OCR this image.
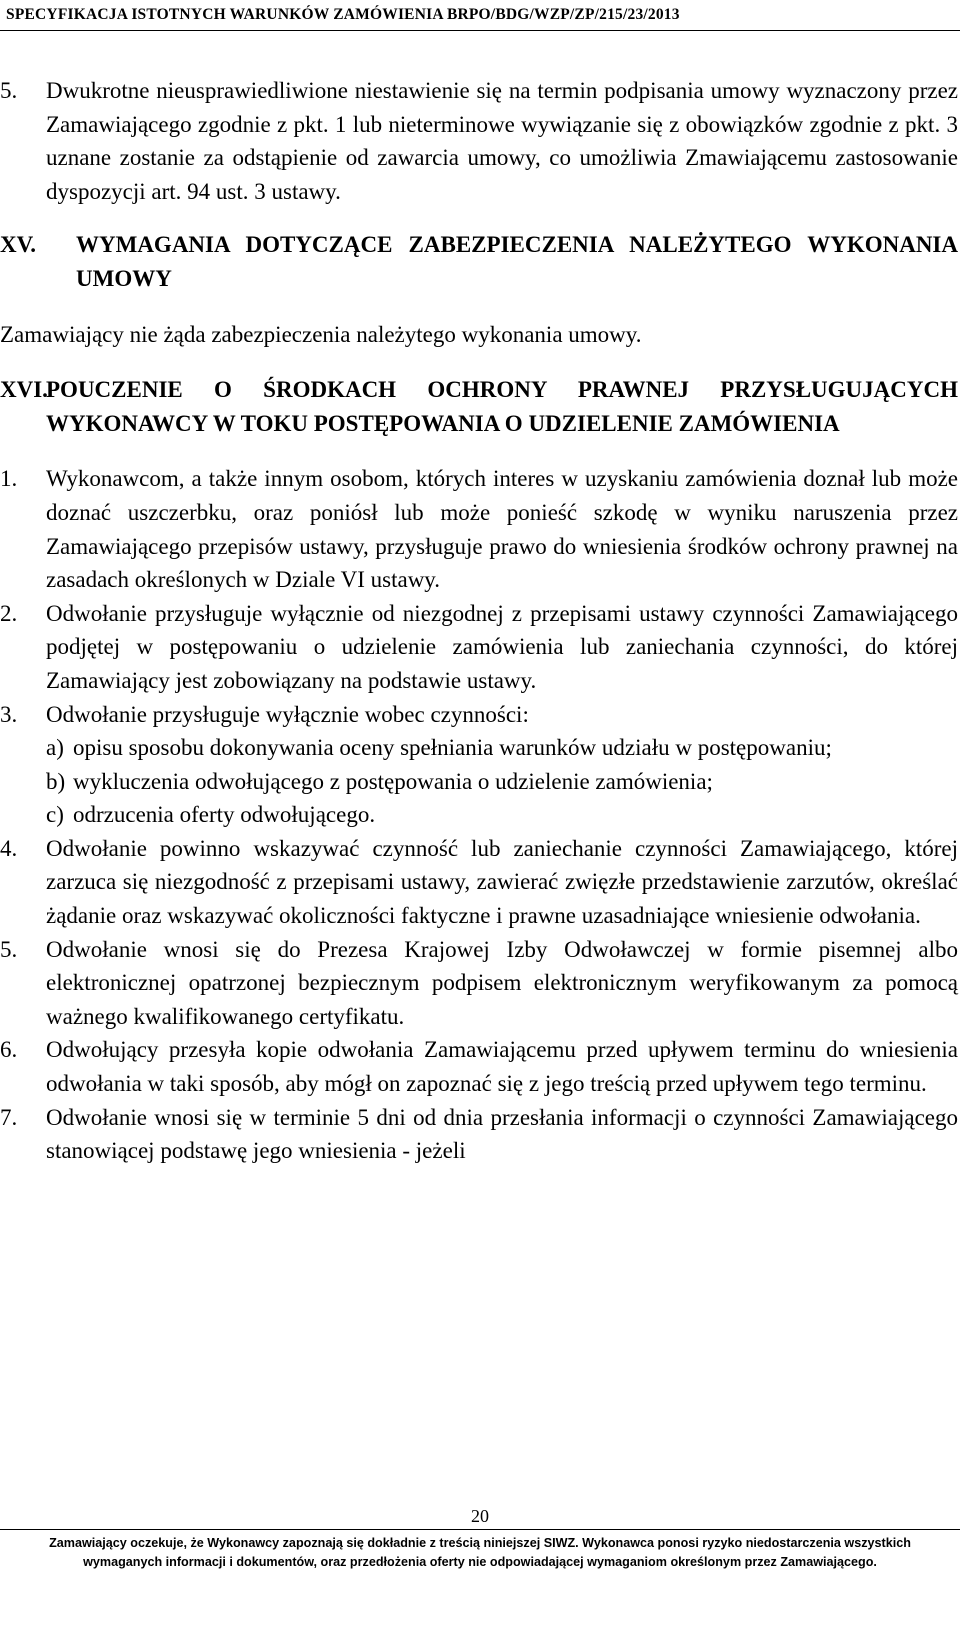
SPECYFIKACJA ISTOTNYCH WARUNKÓW ZAMÓWIENIA BRPO/BDG/WZP/ZP/215/23/2013
5. Dwukrotne nieusprawiedliwione niestawienie się na termin podpisania umowy wyznaczony przez Zamawiającego zgodnie z pkt. 1 lub nieterminowe wywiązanie się z obowiązków zgodnie z pkt. 3 uznane zostanie za odstąpienie od zawarcia umowy, co umożliwia Zmawiającemu zastosowanie dyspozycji art. 94 ust. 3 ustawy.
XV. WYMAGANIA DOTYCZĄCE ZABEZPIECZENIA NALEŻYTEGO WYKONANIA UMOWY
Zamawiający nie żąda zabezpieczenia należytego wykonania umowy.
XVI.
POUCZENIE O ŚRODKACH OCHRONY PRAWNEJ PRZYSŁUGUJĄCYCH WYKONAWCY W TOKU POSTĘPOWANIA O UDZIELENIE ZAMÓWIENIA
1. Wykonawcom, a także innym osobom, których interes w uzyskaniu zamówienia doznał lub może doznać uszczerbku, oraz poniósł lub może ponieść szkodę w wyniku naruszenia przez Zamawiającego przepisów ustawy, przysługuje prawo do wniesienia środków ochrony prawnej na zasadach określonych w Dziale VI ustawy.
2. Odwołanie przysługuje wyłącznie od niezgodnej z przepisami ustawy czynności Zamawiającego podjętej w postępowaniu o udzielenie zamówienia lub zaniechania czynności, do której Zamawiający jest zobowiązany na podstawie ustawy.
3. Odwołanie przysługuje wyłącznie wobec czynności:
a) opisu sposobu dokonywania oceny spełniania warunków udziału w postępowaniu;
b) wykluczenia odwołującego z postępowania o udzielenie zamówienia;
c) odrzucenia oferty odwołującego.
4. Odwołanie powinno wskazywać czynność lub zaniechanie czynności Zamawiającego, której zarzuca się niezgodność z przepisami ustawy, zawierać zwięzłe przedstawienie zarzutów, określać żądanie oraz wskazywać okoliczności faktyczne i prawne uzasadniające wniesienie odwołania.
5. Odwołanie wnosi się do Prezesa Krajowej Izby Odwoławczej w formie pisemnej albo elektronicznej opatrzonej bezpiecznym podpisem elektronicznym weryfikowanym za pomocą ważnego kwalifikowanego certyfikatu.
6. Odwołujący przesyła kopie odwołania Zamawiającemu przed upływem terminu do wniesienia odwołania w taki sposób, aby mógł on zapoznać się z jego treścią przed upływem tego terminu.
7. Odwołanie wnosi się w terminie 5 dni od dnia przesłania informacji o czynności Zamawiającego stanowiącej podstawę jego wniesienia - jeżeli
20
Zamawiający oczekuje, że Wykonawcy zapoznają się dokładnie z treścią niniejszej SIWZ. Wykonawca ponosi ryzyko niedostarczenia wszystkich
wymaganych informacji i dokumentów, oraz przedłożenia oferty nie odpowiadającej wymaganiom określonym przez Zamawiającego.
